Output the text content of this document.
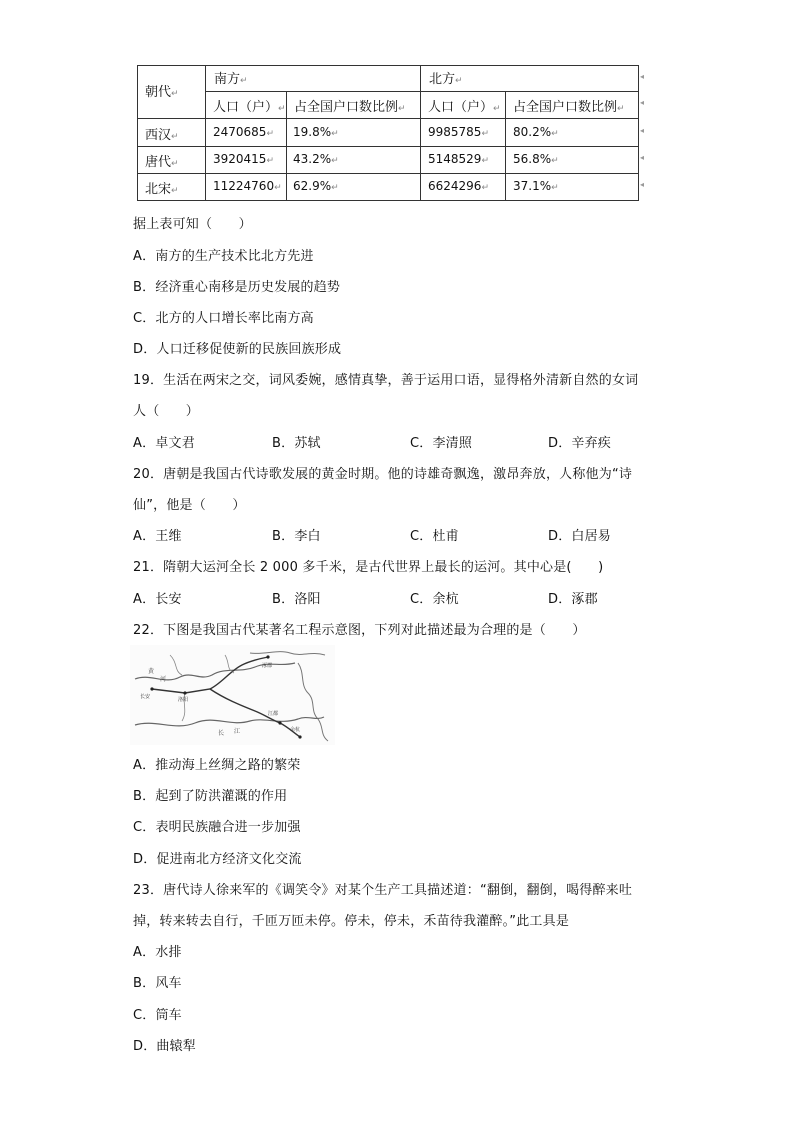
朝代↵
南方↵	北方↵
人口（户）↵ 占全国户口数比例↵ 人口（户）↵ 占全国户口数比例↵
西汉↵	2470685↵ 19.8%↵	9985785↵ 80.2%↵
唐代↵	3920415↵ 43.2%↵	5148529↵ 56.8%↵
北宋↵	11224760↵ 62.9%↵	6624296↵ 37.1%↵
◂
◂
◂
◂
◂
据上表可知（　　）
A．南方的生产技术比北方先进
B．经济重心南移是历史发展的趋势
C．北方的人口增长率比南方高
D．人口迁移促使新的民族回族形成
19．生活在两宋之交，词风委婉，感情真挚，善于运用口语，显得格外清新自然的女词
人（　　）
A．卓文君	B．苏轼	C．李清照	D．辛弃疾
20．唐朝是我国古代诗歌发展的黄金时期。他的诗雄奇飘逸，激昂奔放，人称他为“诗
仙”，他是（　　）
A．王维	B．李白	C．杜甫	D．白居易
21．隋朝大运河全长 2 000 多千米，是古代世界上最长的运河。其中心是(　　)
A．长安	B．洛阳	C．余杭	D．涿郡
22．下图是我国古代某著名工程示意图，下列对此描述最为合理的是（　　）
长安	洛阳
涿郡
江都
余杭
黄
河
长 江
A．推动海上丝绸之路的繁荣
B．起到了防洪灌溉的作用
C．表明民族融合进一步加强
D．促进南北方经济文化交流
23．唐代诗人徐来军的《调笑令》对某个生产工具描述道：“翻倒，翻倒，喝得醉来吐
掉，转来转去自行，千匝万匝未停。停未，停未，禾苗待我灌醉。”此工具是
A．水排
B．风车
C．筒车
D．曲辕犁
